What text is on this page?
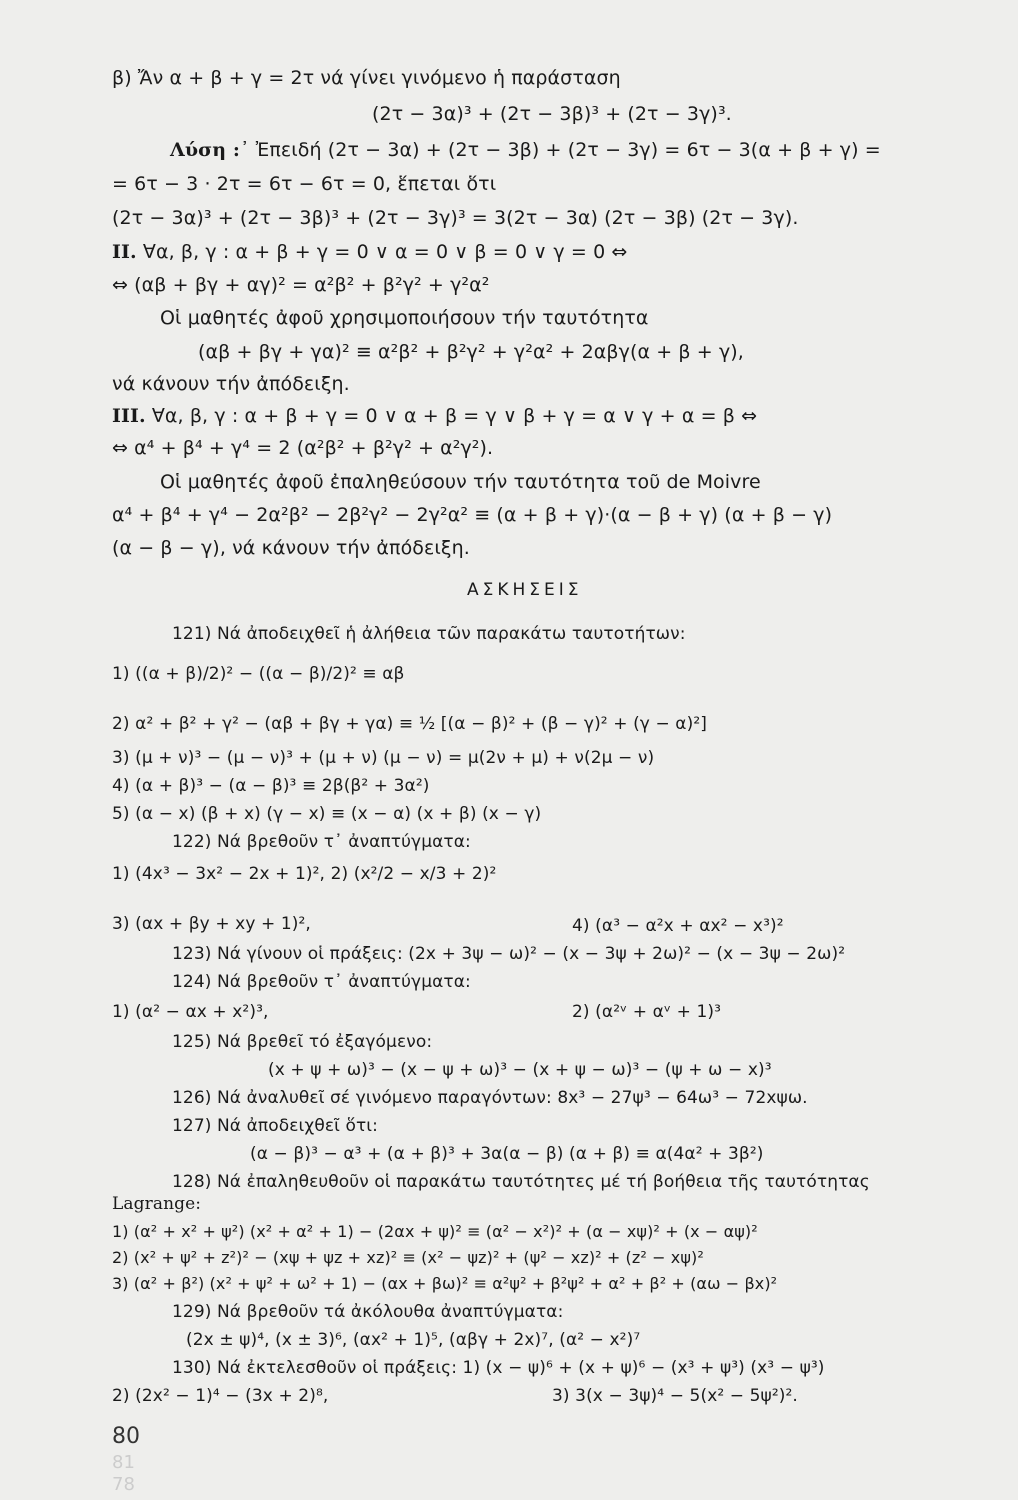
β) Ἄν α + β + γ = 2τ νά γίνει γινόμενο ἡ παράσταση
(2τ − 3α)³ + (2τ − 3β)³ + (2τ − 3γ)³.
Λύση :᾿ Ἐπειδή (2τ − 3α) + (2τ − 3β) + (2τ − 3γ) = 6τ − 3(α + β + γ) =
= 6τ − 3 · 2τ = 6τ − 6τ = 0, ἕπεται ὅτι
(2τ − 3α)³ + (2τ − 3β)³ + (2τ − 3γ)³ = 3(2τ − 3α) (2τ − 3β) (2τ − 3γ).
II. ∀α, β, γ : α + β + γ = 0 ∨ α = 0 ∨ β = 0 ∨ γ = 0 ⇔
⇔ (αβ + βγ + αγ)² = α²β² + β²γ² + γ²α²
Οἱ μαθητές ἀφοῦ χρησιμοποιήσουν τήν ταυτότητα
(αβ + βγ + γα)² ≡ α²β² + β²γ² + γ²α² + 2αβγ(α + β + γ),
νά κάνουν τήν ἀπόδειξη.
III. ∀α, β, γ : α + β + γ = 0 ∨ α + β = γ ∨ β + γ = α ∨ γ + α = β ⇔
⇔ α⁴ + β⁴ + γ⁴ = 2 (α²β² + β²γ² + α²γ²).
Οἱ μαθητές ἀφοῦ ἐπαληθεύσουν τήν ταυτότητα τοῦ de Moivre
α⁴ + β⁴ + γ⁴ − 2α²β² − 2β²γ² − 2γ²α² ≡ (α + β + γ)·(α − β + γ) (α + β − γ)
(α − β − γ), νά κάνουν τήν ἀπόδειξη.
ΑΣΚΗΣΕΙΣ
121) Νά ἀποδειχθεῖ ἡ ἀλήθεια τῶν παρακάτω ταυτοτήτων:
1) ((α + β)/2)² − ((α − β)/2)² ≡ αβ
2) α² + β² + γ² − (αβ + βγ + γα) ≡ ½ [(α − β)² + (β − γ)² + (γ − α)²]
3) (μ + ν)³ − (μ − ν)³ + (μ + ν) (μ − ν) = μ(2ν + μ) + ν(2μ − ν)
4) (α + β)³ − (α − β)³ ≡ 2β(β² + 3α²)
5) (α − x) (β + x) (γ − x) ≡ (x − α) (x + β) (x − γ)
122) Νά βρεθοῦν τ᾿ ἀναπτύγματα:
1) (4x³ − 3x² − 2x + 1)², 2) (x²/2 − x/3 + 2)²
3) (αx + βy + xy + 1)²,	4) (α³ − α²x + αx² − x³)²
123) Νά γίνουν οἱ πράξεις: (2x + 3ψ − ω)² − (x − 3ψ + 2ω)² − (x − 3ψ − 2ω)²
124) Νά βρεθοῦν τ᾿ ἀναπτύγματα:
1) (α² − αx + x²)³,	2) (α²ᵛ + αᵛ + 1)³
125) Νά βρεθεῖ τό ἐξαγόμενο:
(x + ψ + ω)³ − (x − ψ + ω)³ − (x + ψ − ω)³ − (ψ + ω − x)³
126) Νά ἀναλυθεῖ σέ γινόμενο παραγόντων: 8x³ − 27ψ³ − 64ω³ − 72xψω.
127) Νά ἀποδειχθεῖ ὅτι:
(α − β)³ − α³ + (α + β)³ + 3α(α − β) (α + β) ≡ α(4α² + 3β²)
128) Νά ἐπαληθευθοῦν οἱ παρακάτω ταυτότητες μέ τή βοήθεια τῆς ταυτότητας
Lagrange:
1) (α² + x² + ψ²) (x² + α² + 1) − (2αx + ψ)² ≡ (α² − x²)² + (α − xψ)² + (x − αψ)²
2) (x² + ψ² + z²)² − (xψ + ψz + xz)² ≡ (x² − ψz)² + (ψ² − xz)² + (z² − xψ)²
3) (α² + β²) (x² + ψ² + ω² + 1) − (αx + βω)² ≡ α²ψ² + β²ψ² + α² + β² + (αω − βx)²
129) Νά βρεθοῦν τά ἀκόλουθα ἀναπτύγματα:
(2x ± ψ)⁴, (x ± 3)⁶, (αx² + 1)⁵, (αβγ + 2x)⁷, (α² − x²)⁷
130) Νά ἐκτελεσθοῦν οἱ πράξεις: 1) (x − ψ)⁶ + (x + ψ)⁶ − (x³ + ψ³) (x³ − ψ³)
2) (2x² − 1)⁴ − (3x + 2)⁸,	3) 3(x − 3ψ)⁴ − 5(x² − 5ψ²)².
80
81
78
